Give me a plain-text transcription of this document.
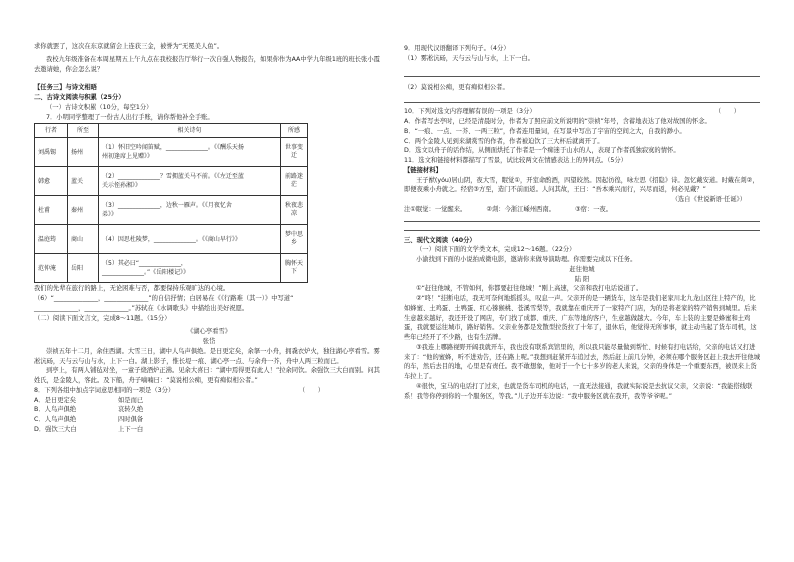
求你就罢了，这次在东京就留会上连获三金，被誉为“无冕美人鱼”。

我校九年级准备在本周星期五上午九点在我校报告厅举行一次自强人物报告，如果你作为AA中学九年级1班的班长张小霞去邀请她，你会怎么说？

【任务三】与诗文相晤

二、古诗文阅读与积累（25分）

（一）古诗文积累（10分，每空1分）

7．小明同学整理了一份古人出行手账，请你帮他补全手账。

行者	所至	相关诗句	所感
刘禹锡	扬州	（1）怀旧空吟闻笛赋，______________。《《酬乐天扬
州初逢席上见赠》》	世事变迁
韩愈	蓝关	（2）______________？雪拥蓝关马不前。《《左迁至蓝
关示侄孙湘》》	前路迷茫
杜甫	秦州	（3）______________，边秋一雁声。《《月夜忆舍
弟》》	秋夜悲凉
温庭筠	商山	（4）因思杜陵梦，______________。《《商山早行》》	梦中思乡
范仲淹	岳阳	（5）其必曰“______________，
______________。”《岳阳楼记》》	胸怀天下

我们的先辈在旅行的路上，无论困难与否，都要保持乐观旷达的心境。

（6）“______________，______________”的自信抒情；白居易在《《行路难（其一）》中写道“

______________，______________。”苏轼在《水调歌头》中描绘出美好祝愿。

（二）阅读下面文言文，完成8～11题。（15分）

《湖心亭看雪》

张岱

崇祯五年十二月，余住西湖。大雪三日，湖中人鸟声俱绝。是日更定矣，余拏一小舟，拥毳衣炉火，独往湖心亭看雪。雾凇沆砀，天与云与山与水，上下一白。湖上影子，惟长堤一痕、湖心亭一点、与余舟一芥，舟中人两三粒而已。

到亭上，有两人铺毡对坐，一童子烧酒炉正沸。见余大喜曰：“湖中焉得更有此人！”拉余同饮。余强饮三大白而别。问其姓氏，是金陵人，客此。及下船，舟子喃喃曰：“莫说相公痴，更有痴似相公者。”

8．下列各组中加点字词意思相同的一项是（3分）	（　　）

A．是日更定矣	如是而已
B．人鸟声俱绝	哀转久绝
C．人鸟声俱绝	四时俱备
D．强饮三大白	上下一白

9．用现代汉语翻译下列句子。（4分）

（1）雾凇沆砀，天与云与山与水，上下一白。

（2）莫说相公痴，更有痴似相公者。

10．下列对选文内容理解有误的一项是（3分）	（　　）

A．作者写去亭时，已经是清晨时分，作者为了照应前文所说明的“崇祯”年号，含蓄地表达了他对故国的怀念。

B．“一痕、一点、一芥、一两三粒”，作者连用量词，在写景中写出了宇宙的空间之大，自我的渺小。

C．两个金陵人见到来湖赏雪的作者，作者被迫饮了三大杯后就离开了。

D．选文以舟子的话作结，从侧面烘托了作者是一个痴迷于山水的人，表现了作者孤独寂寞的情怀。

11．选文和链接材料都描写了雪景，试比较两文在情感表达上的异同点。（5分）

【链接材料】

王子猷(yóu)居山阴，夜大雪，眠觉①，开室命酌酒，四望皎然。因起彷徨，咏左思《招隐》诗。忽忆戴安道。时戴在剡②，即便夜乘小舟就之。经宿③方至，造门不前而返。人问其故，王曰：“吾本乘兴而行，兴尽而返，何必见戴？”

（选自《世说新语·任诞》）

注①眠觉：一觉醒来。	②剡：今浙江嵊州西南。	③宿：一夜。

三、现代文阅读（40分）

（一）阅读下面的文学类文本，完成12～16题。（22分）

小渝找到下面的小说拍成微电影，邀请你来做导演助理。你需要完成以下任务。

赶往他城

陆 阳

①“赶往他城，不管如何，你都要赶往他城！”刚上高速，父亲和我打电话说道了。

②“咚！”挂断电话，我无可奈何地摇摇头，叹息一声。父亲开的是一辆货车，这车是我们老家川北九龙山区往上特产的，比如蜂蜜、土鸡蛋、土鸭蛋、红心猕猴桃、苍溪雪梨等，我就靠在重庆开了一家特产门店，为的是将老家的特产销售到城里。后来生意越来越好，我还开设了网店，专门找了成都、重庆、广东等地的客户，生意越做越大。今年，车上装的主要是蜂蜜和土鸡蛋，我就要运往城市，路好销售。父亲业务都是发散型拉货拉了十年了，退休后，他觉得无所事事，就主动当起了货车司机，这些年已经开了不少路，也有生活牌。

③我连上哪路视野开阔我就开车，我也没有联系宾馆里的，所以我只能尽量做到帮忙、时候有打电话给，父亲的电话又打进来了：“他的蜜蜂，听不进劝告，还在路上呢。”我想到赶紧开车追过去，然后赶上前几分钟，必须在哪个服务区赶上我去开往他城的车，然后去目的地，心里是有责任。我不敢想象，他对于一个七十多岁的老人来说，父亲的身体是一个重要东西，被误来上货车拉上了。

④很快，宝马的电话打了过来，也就是货车司机的电话，一直无法接通，我就实际说是去抗议父亲，父亲说：“我能搭线联系！我等你停到你的一个服务区，等我。”儿子边开车边说：“我中服务区就在我开，我等爷爷呢。”
